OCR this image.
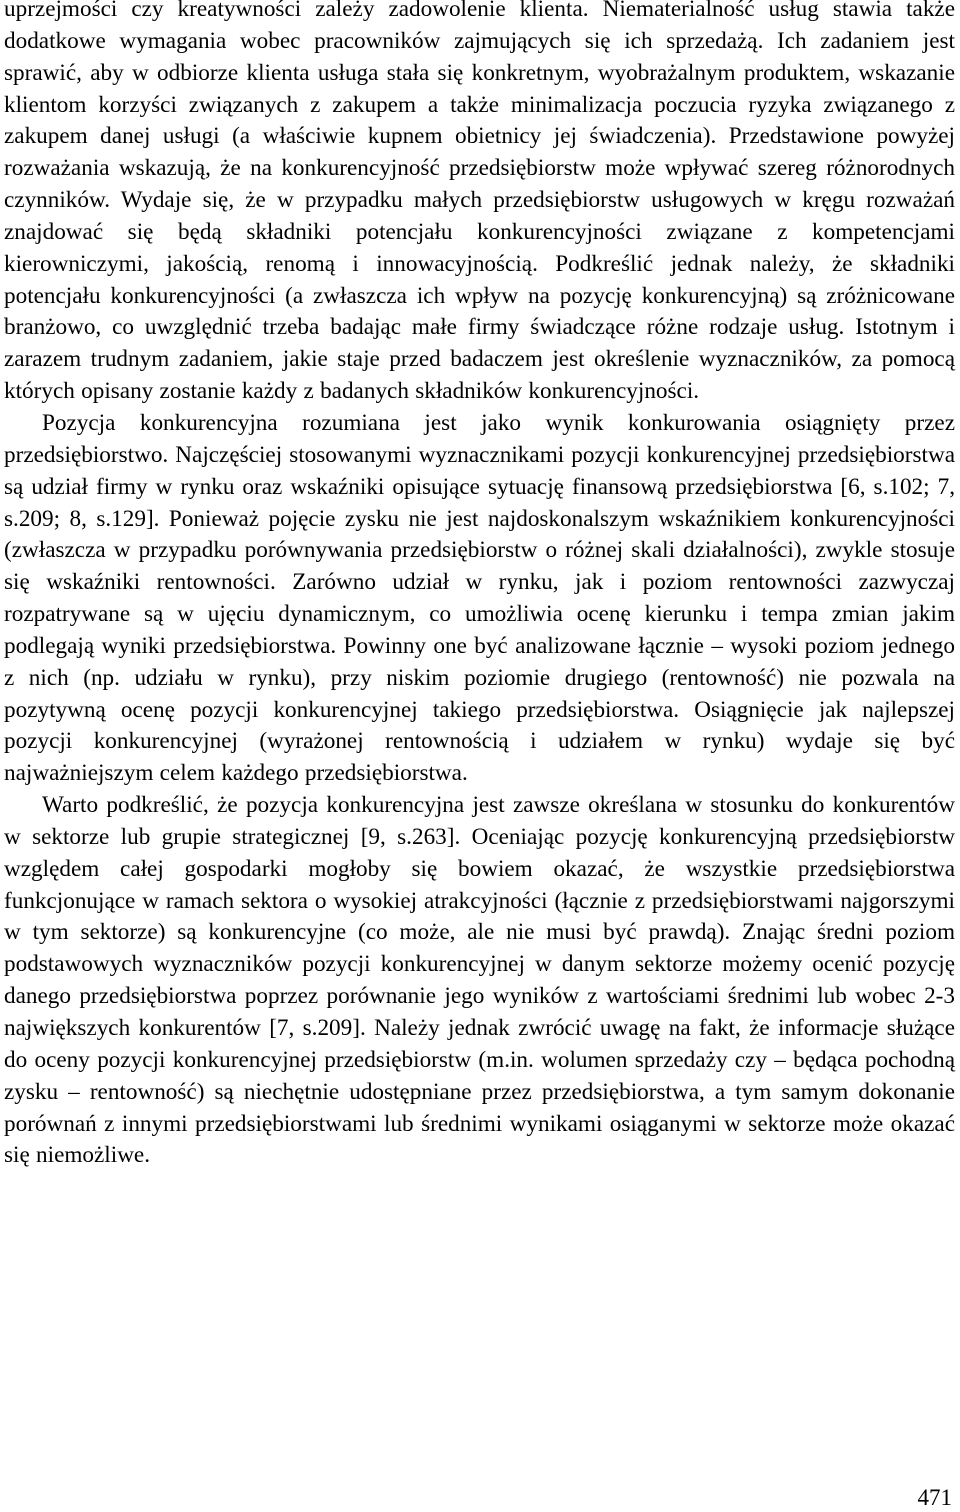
uprzejmości czy kreatywności zależy zadowolenie klienta. Niematerialność usług stawia także dodatkowe wymagania wobec pracowników zajmujących się ich sprzedażą. Ich zadaniem jest sprawić, aby w odbiorze klienta usługa stała się konkretnym, wyobrażalnym produktem, wskazanie klientom korzyści związanych z zakupem a także minimalizacja poczucia ryzyka związanego z zakupem danej usługi (a właściwie kupnem obietnicy jej świadczenia). Przedstawione powyżej rozważania wskazują, że na konkurencyjność przedsiębiorstw może wpływać szereg różnorodnych czynników. Wydaje się, że w przypadku małych przedsiębiorstw usługowych w kręgu rozważań znajdować się będą składniki potencjału konkurencyjności związane z kompetencjami kierowniczymi, jakością, renomą i innowacyjnością. Podkreślić jednak należy, że składniki potencjału konkurencyjności (a zwłaszcza ich wpływ na pozycję konkurencyjną) są zróżnicowane branżowo, co uwzględnić trzeba badając małe firmy świadczące różne rodzaje usług. Istotnym i zarazem trudnym zadaniem, jakie staje przed badaczem jest określenie wyznaczników, za pomocą których opisany zostanie każdy z badanych składników konkurencyjności.

Pozycja konkurencyjna rozumiana jest jako wynik konkurowania osiągnięty przez przedsiębiorstwo. Najczęściej stosowanymi wyznacznikami pozycji konkurencyjnej przedsiębiorstwa są udział firmy w rynku oraz wskaźniki opisujące sytuację finansową przedsiębiorstwa [6, s.102; 7, s.209; 8, s.129]. Ponieważ pojęcie zysku nie jest najdoskonalszym wskaźnikiem konkurencyjności (zwłaszcza w przypadku porównywania przedsiębiorstw o różnej skali działalności), zwykle stosuje się wskaźniki rentowności. Zarówno udział w rynku, jak i poziom rentowności zazwyczaj rozpatrywane są w ujęciu dynamicznym, co umożliwia ocenę kierunku i tempa zmian jakim podlegają wyniki przedsiębiorstwa. Powinny one być analizowane łącznie – wysoki poziom jednego z nich (np. udziału w rynku), przy niskim poziomie drugiego (rentowność) nie pozwala na pozytywną ocenę pozycji konkurencyjnej takiego przedsiębiorstwa. Osiągnięcie jak najlepszej pozycji konkurencyjnej (wyrażonej rentownością i udziałem w rynku) wydaje się być najważniejszym celem każdego przedsiębiorstwa.

Warto podkreślić, że pozycja konkurencyjna jest zawsze określana w stosunku do konkurentów w sektorze lub grupie strategicznej [9, s.263]. Oceniając pozycję konkurencyjną przedsiębiorstw względem całej gospodarki mogłoby się bowiem okazać, że wszystkie przedsiębiorstwa funkcjonujące w ramach sektora o wysokiej atrakcyjności (łącznie z przedsiębiorstwami najgorszymi w tym sektorze) są konkurencyjne (co może, ale nie musi być prawdą). Znając średni poziom podstawowych wyznaczników pozycji konkurencyjnej w danym sektorze możemy ocenić pozycję danego przedsiębiorstwa poprzez porównanie jego wyników z wartościami średnimi lub wobec 2-3 największych konkurentów [7, s.209]. Należy jednak zwrócić uwagę na fakt, że informacje służące do oceny pozycji konkurencyjnej przedsiębiorstw (m.in. wolumen sprzedaży czy – będąca pochodną zysku – rentowność) są niechętnie udostępniane przez przedsiębiorstwa, a tym samym dokonanie porównań z innymi przedsiębiorstwami lub średnimi wynikami osiąganymi w sektorze może okazać się niemożliwe.

471
